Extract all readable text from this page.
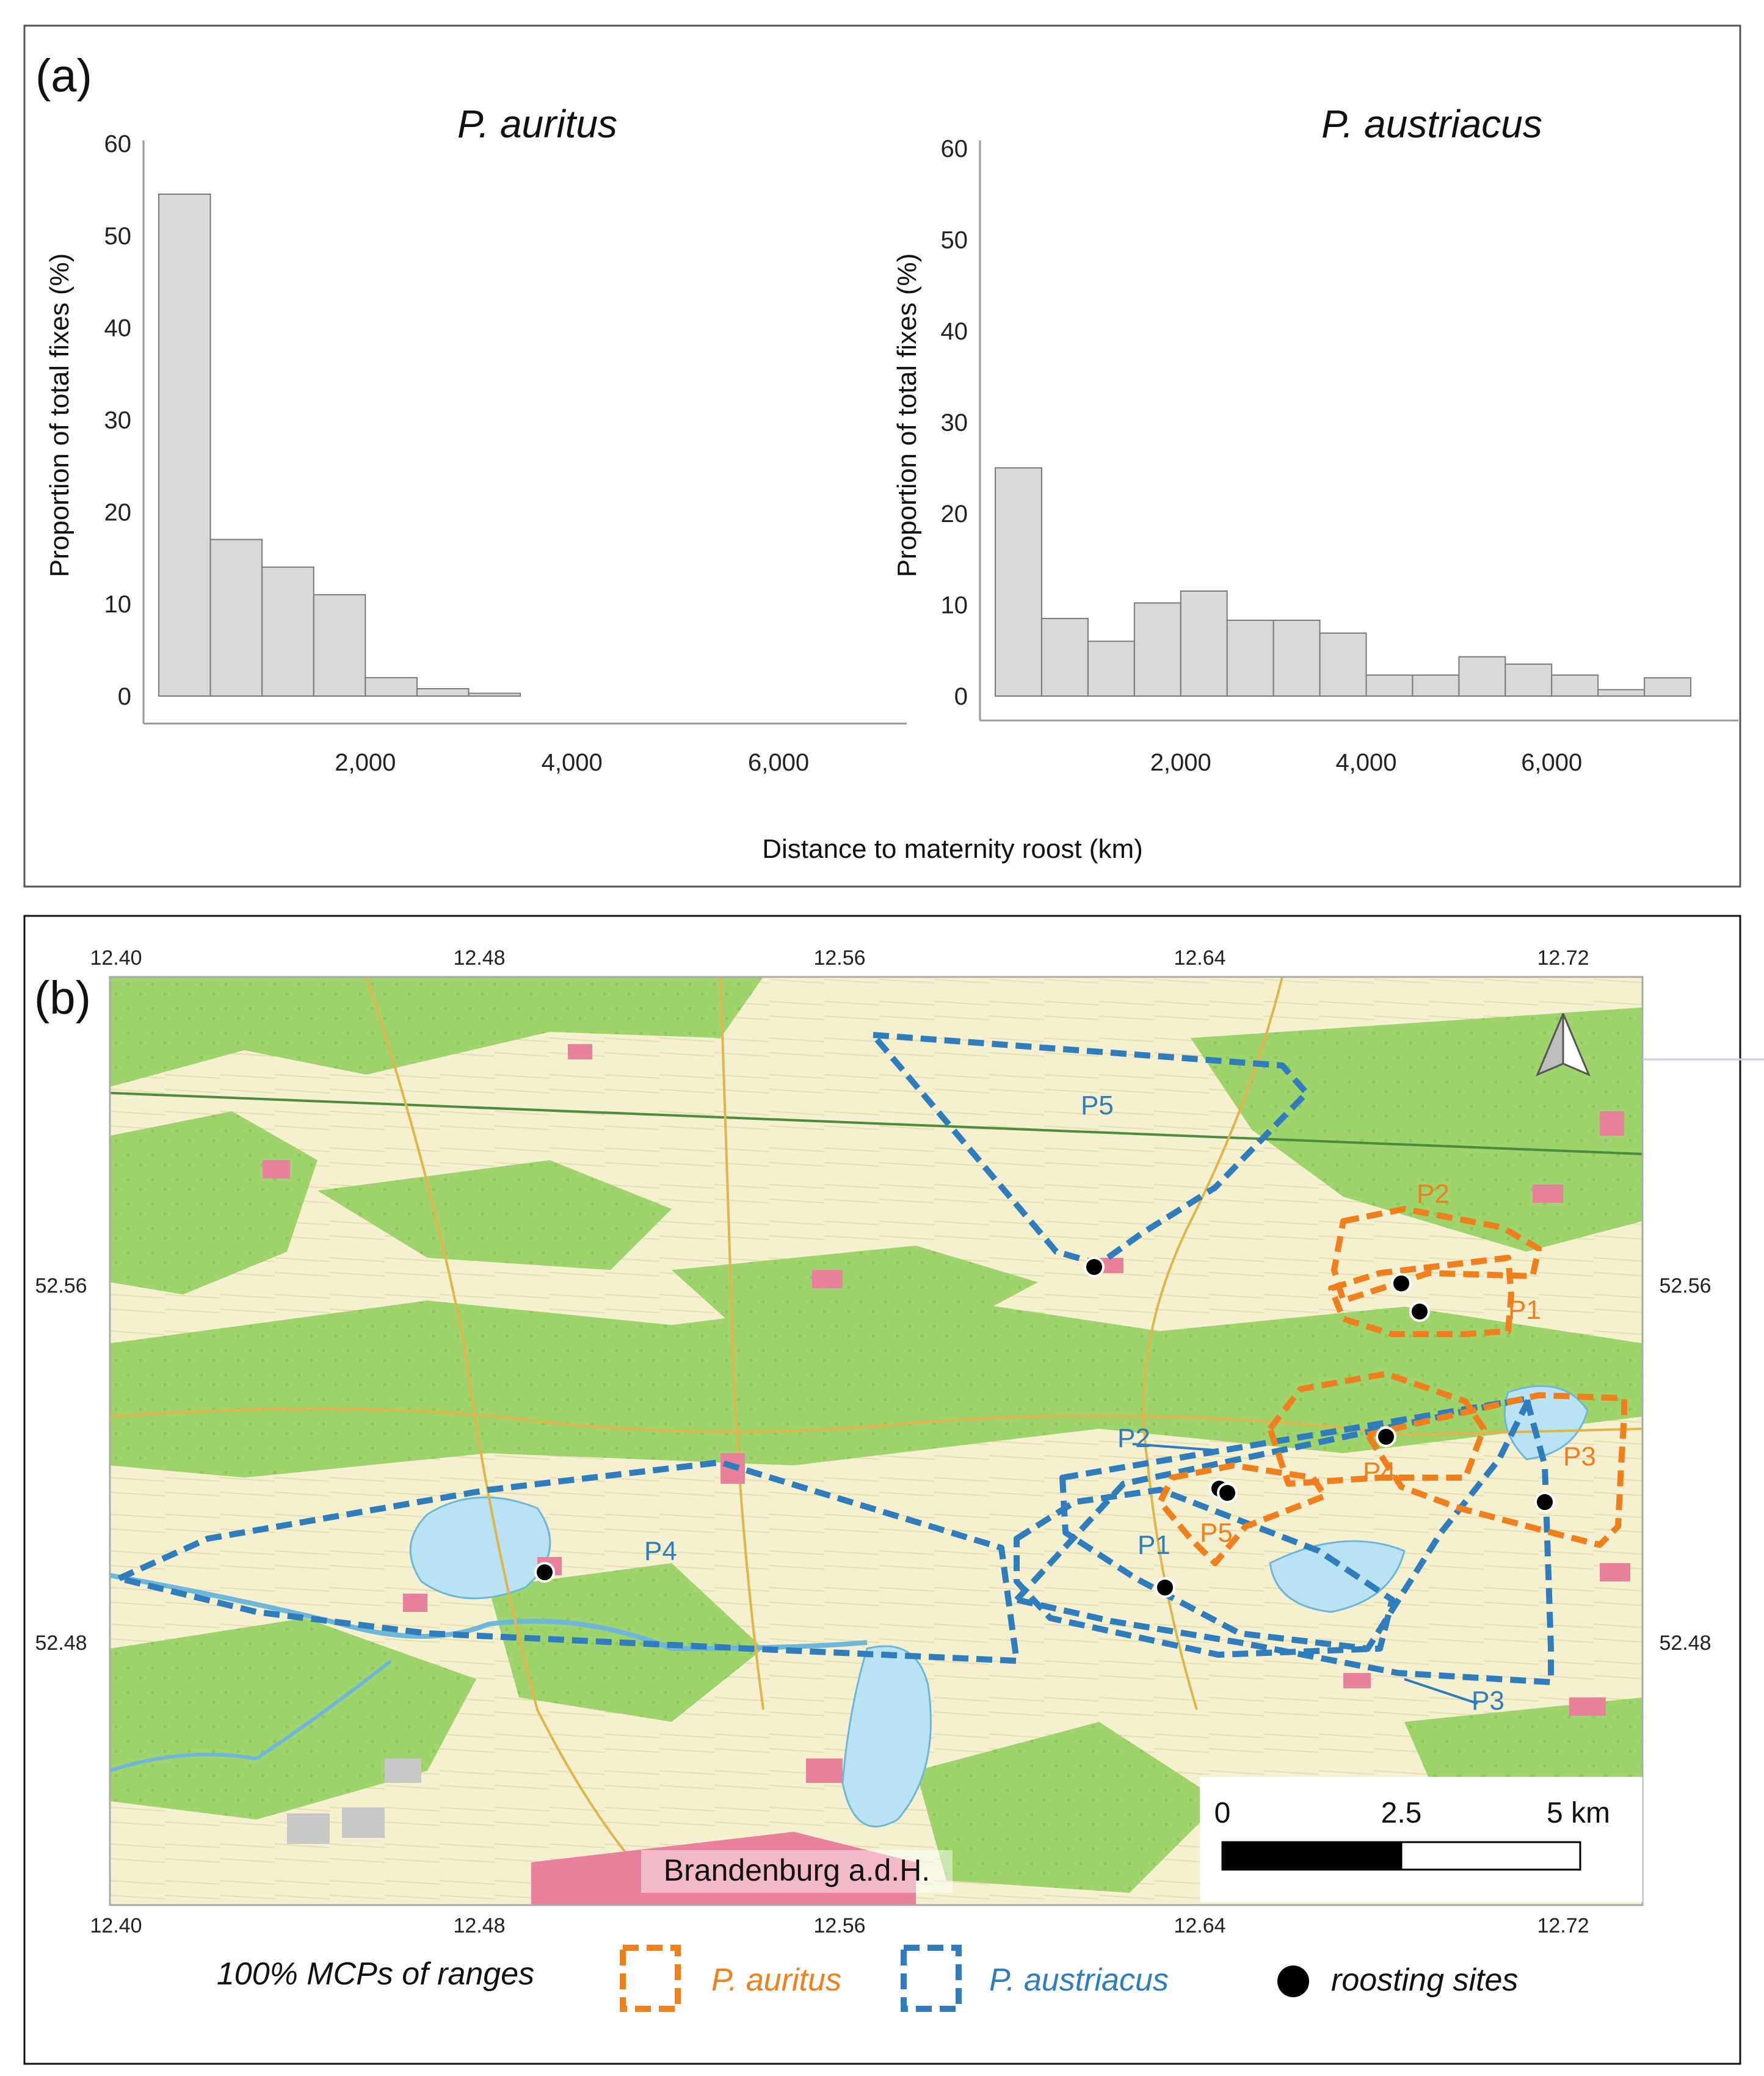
(a)
P. auritus
Proportion of total fixes (%)
0
10
20
30
40
50
60
2,000	4,000	6,000
P. austriacus
Proportion of total fixes (%)
0
10
20
30
40
50
60
2,000	4,000	6,000
Distance to maternity roost (km)
(b)
12.40	12.48	12.56	12.64	12.72
12.40	12.48	12.56	12.64	12.72
52.56
52.48
52.56
52.48
P2
P1
P4
P3
P5
P5
P2
P4	P1
P3
0	2.5	5 km
Brandenburg a.d.H.
100% MCPs of ranges	P. auritus	P. austriacus	roosting sites
